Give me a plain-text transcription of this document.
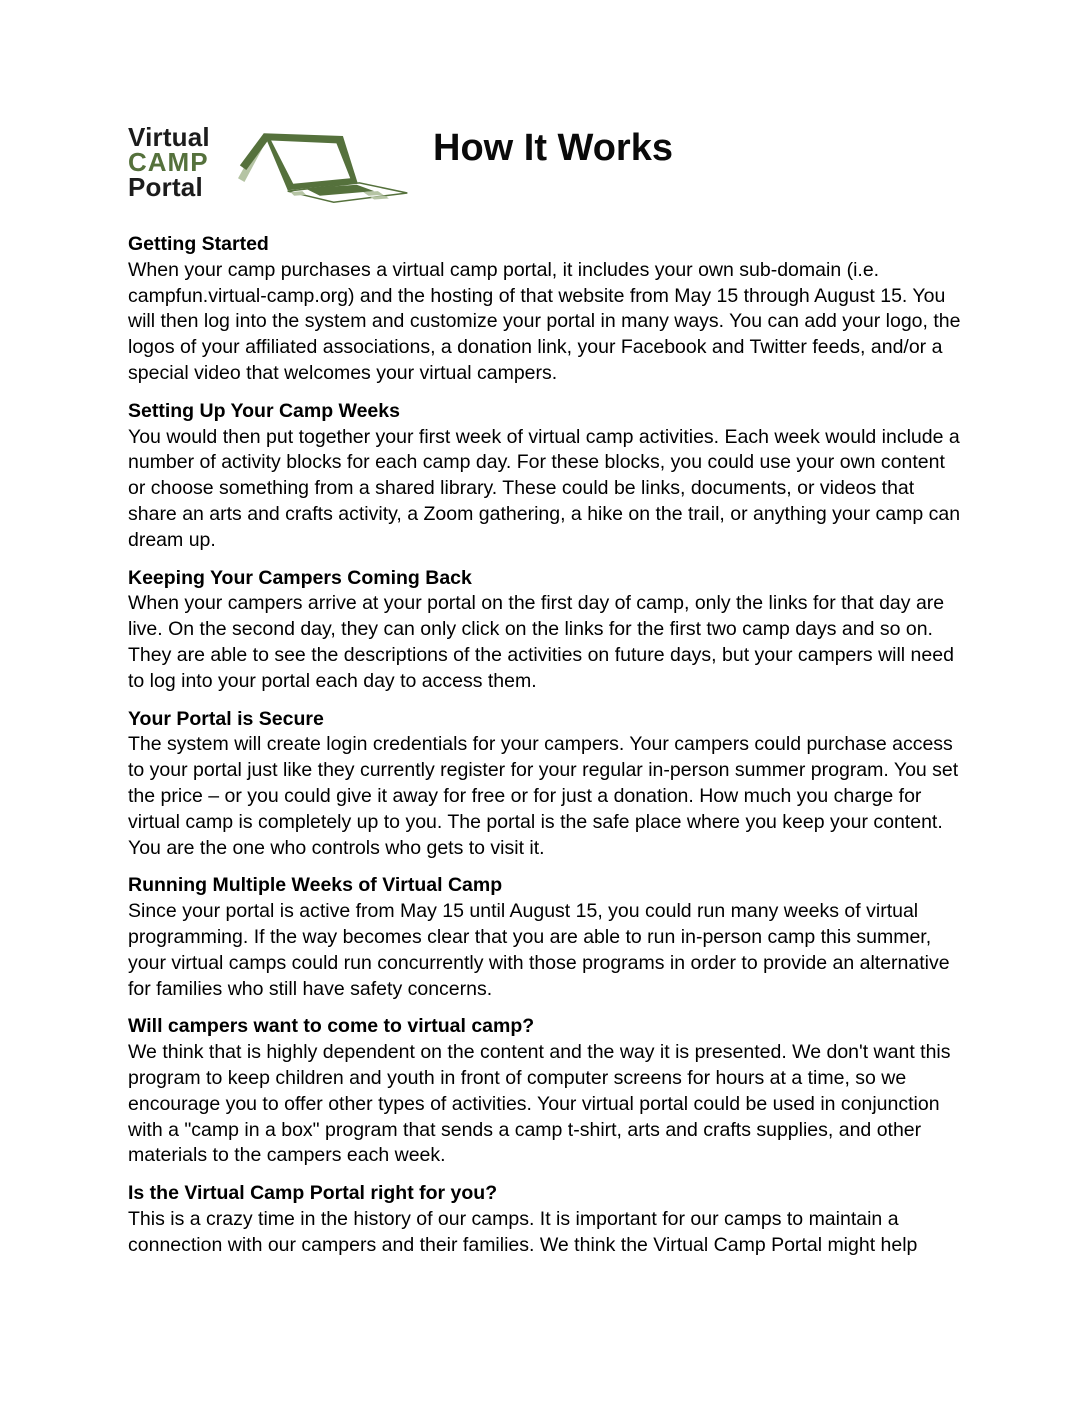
Virtual
CAMP
Portal
How It Works
Getting Started

When your camp purchases a virtual camp portal, it includes your own sub-domain (i.e. campfun.virtual-camp.org) and the hosting of that website from May 15 through August 15. You will then log into the system and customize your portal in many ways. You can add your logo, the logos of your affiliated associations, a donation link, your Facebook and Twitter feeds, and/or a special video that welcomes your virtual campers.

Setting Up Your Camp Weeks

You would then put together your first week of virtual camp activities. Each week would include a number of activity blocks for each camp day. For these blocks, you could use your own content or choose something from a shared library. These could be links, documents, or videos that share an arts and crafts activity, a Zoom gathering, a hike on the trail, or anything your camp can dream up.

Keeping Your Campers Coming Back

When your campers arrive at your portal on the first day of camp, only the links for that day are live. On the second day, they can only click on the links for the first two camp days and so on. They are able to see the descriptions of the activities on future days, but your campers will need to log into your portal each day to access them.

Your Portal is Secure

The system will create login credentials for your campers. Your campers could purchase access to your portal just like they currently register for your regular in-person summer program. You set the price – or you could give it away for free or for just a donation. How much you charge for virtual camp is completely up to you. The portal is the safe place where you keep your content. You are the one who controls who gets to visit it.

Running Multiple Weeks of Virtual Camp

Since your portal is active from May 15 until August 15, you could run many weeks of virtual programming. If the way becomes clear that you are able to run in-person camp this summer, your virtual camps could run concurrently with those programs in order to provide an alternative for families who still have safety concerns.

Will campers want to come to virtual camp?

We think that is highly dependent on the content and the way it is presented. We don't want this program to keep children and youth in front of computer screens for hours at a time, so we encourage you to offer other types of activities. Your virtual portal could be used in conjunction with a "camp in a box" program that sends a camp t-shirt, arts and crafts supplies, and other materials to the campers each week.

Is the Virtual Camp Portal right for you?

This is a crazy time in the history of our camps. It is important for our camps to maintain a connection with our campers and their families. We think the Virtual Camp Portal might help
